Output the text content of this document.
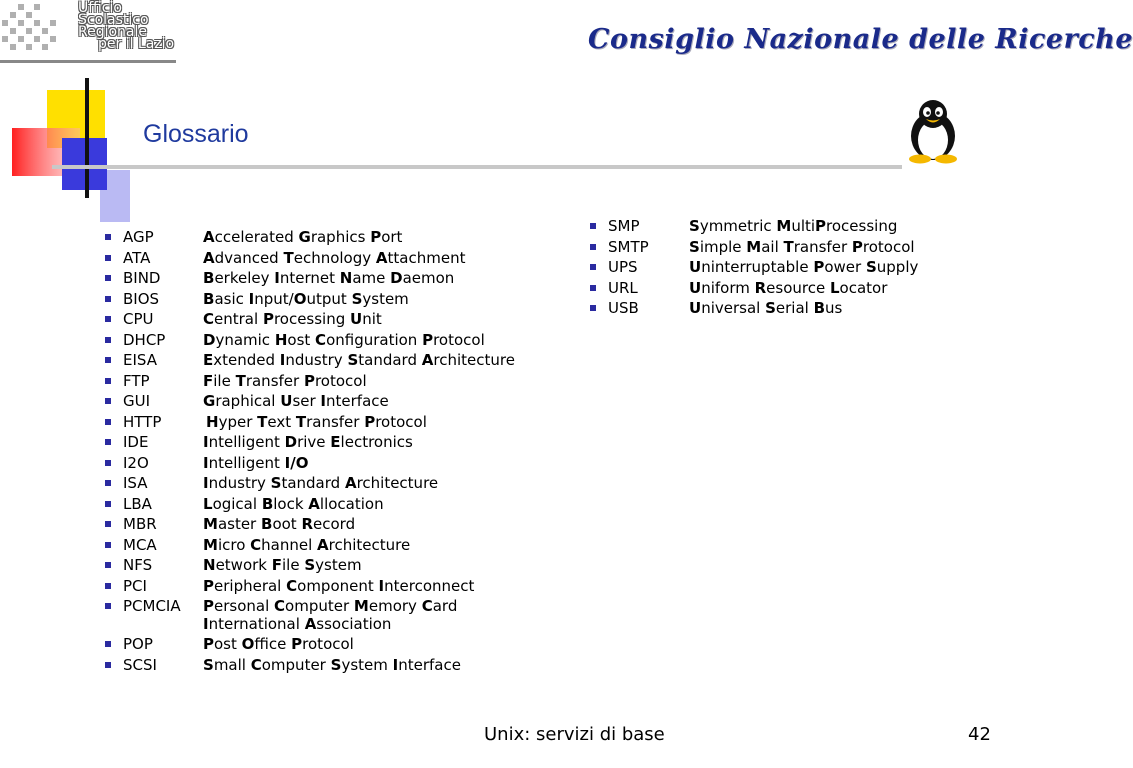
Ufficio
Scolastico
Regionale
per il Lazio	Consiglio Nazionale delle Ricerche
Glossario
AGP	Accelerated Graphics Port
ATA	Advanced Technology Attachment
BIND	Berkeley Internet Name Daemon
BIOS	Basic Input/Output System
CPU	Central Processing Unit
DHCP	Dynamic Host Configuration Protocol
EISA	Extended Industry Standard Architecture
FTP	File Transfer Protocol
GUI	Graphical User Interface
HTTP	Hyper Text Transfer Protocol
IDE	Intelligent Drive Electronics
I2O	Intelligent I/O
ISA	Industry Standard Architecture
LBA	Logical Block Allocation
MBR	Master Boot Record
MCA	Micro Channel Architecture
NFS	Network File System
PCI	Peripheral Component Interconnect
PCMCIA Personal Computer Memory Card
International Association
POP	Post Office Protocol
SCSI	Small Computer System Interface
SMP	Symmetric MultiProcessing
SMTP	Simple Mail Transfer Protocol
UPS	Uninterruptable Power Supply
URL	Uniform Resource Locator
USB	Universal Serial Bus
Unix: servizi di base	42
